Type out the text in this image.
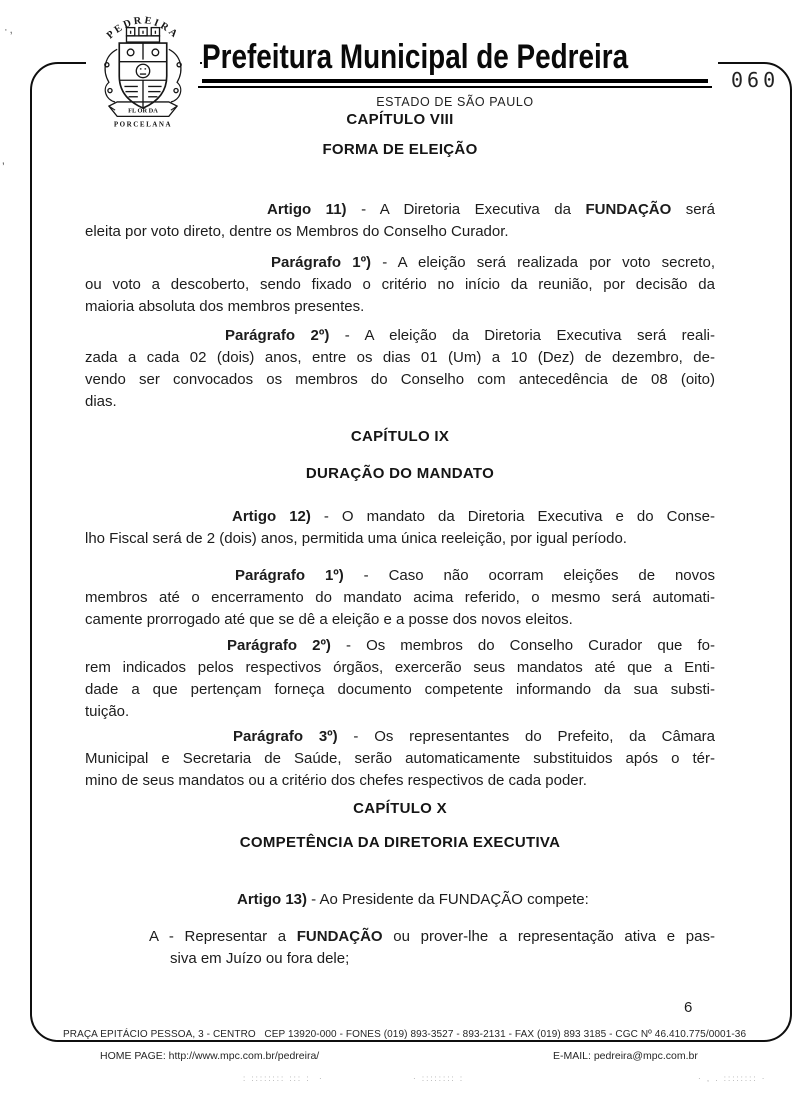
PEDREIRA
FL OR DA
PORCELANA
Prefeitura Municipal de Pedreira
ESTADO DE SÃO PAULO
060
CAPÍTULO VIII
FORMA DE ELEIÇÃO
Artigo 11) - A Diretoria Executiva da FUNDAÇÃO será
eleita por voto direto, dentre os Membros do Conselho Curador.
Parágrafo 1º) - A eleição será realizada por voto secreto,
ou voto a descoberto, sendo fixado o critério no início da reunião, por decisão da
maioria absoluta dos membros presentes.
Parágrafo 2º) - A eleição da Diretoria Executiva será reali-
zada a cada 02 (dois) anos, entre os dias 01 (Um) a 10 (Dez) de dezembro, de-
vendo ser convocados os membros do Conselho com antecedência de 08 (oito)
dias.
CAPÍTULO IX
DURAÇÃO DO MANDATO
Artigo 12) - O mandato da Diretoria Executiva e do Conse-
lho Fiscal será de 2 (dois) anos, permitida uma única reeleição, por igual período.
Parágrafo 1º) - Caso não ocorram eleições de novos
membros até o encerramento do mandato acima referido, o mesmo será automati-
camente prorrogado até que se dê a eleição e a posse dos novos eleitos.
Parágrafo 2º) - Os membros do Conselho Curador que fo-
rem indicados pelos respectivos órgãos, exercerão seus mandatos até que a Enti-
dade a que pertençam forneça documento competente informando da sua substi-
tuição.
Parágrafo 3º) - Os representantes do Prefeito, da Câmara
Municipal e Secretaria de Saúde, serão automaticamente substituidos após o tér-
mino de seus mandatos ou a critério dos chefes respectivos de cada poder.
CAPÍTULO X
COMPETÊNCIA DA DIRETORIA EXECUTIVA
Artigo 13) - Ao Presidente da FUNDAÇÃO compete:
A - Representar a FUNDAÇÃO ou prover-lhe a representação ativa e pas-
siva em Juízo ou fora dele;
6
PRAÇA EPITÁCIO PESSOA, 3 - CENTRO   CEP 13920-000 - FONES (019) 893-3527 - 893-2131 - FAX (019) 893 3185 - CGC Nº 46.410.775/0001-36
HOME PAGE: http://www.mpc.com.br/pedreira/	E-MAIL: pedreira@mpc.com.br
·,
’
: :::::::: ::: :  ·	· :::::::: :	· , . :::::::: ·
